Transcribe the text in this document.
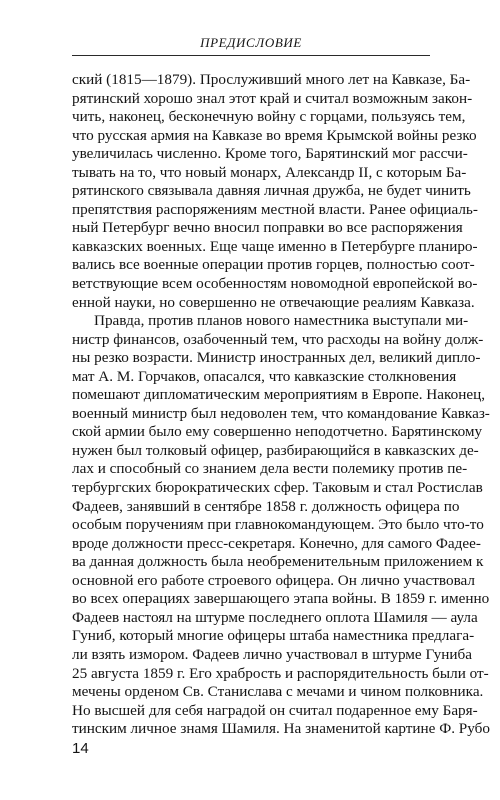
ПРЕДИСЛОВИЕ
ский (1815—1879). Прослуживший много лет на Кавказе, Ба-
рятинский хорошо знал этот край и считал возможным закон-
чить, наконец, бесконечную войну с горцами, пользуясь тем,
что русская армия на Кавказе во время Крымской войны резко
увеличилась численно. Кроме того, Барятинский мог рассчи-
тывать на то, что новый монарх, Александр II, с которым Ба-
рятинского связывала давняя личная дружба, не будет чинить
препятствия распоряжениям местной власти. Ранее официаль-
ный Петербург вечно вносил поправки во все распоряжения
кавказских военных. Еще чаще именно в Петербурге планиро-
вались все военные операции против горцев, полностью соот-
ветствующие всем особенностям новомодной европейской во-
енной науки, но совершенно не отвечающие реалиям Кавказа.
Правда, против планов нового наместника выступали ми-
нистр финансов, озабоченный тем, что расходы на войну долж-
ны резко возрасти. Министр иностранных дел, великий дипло-
мат А. М. Горчаков, опасался, что кавказские столкновения
помешают дипломатическим мероприятиям в Европе. Наконец,
военный министр был недоволен тем, что командование Кавказ-
ской армии было ему совершенно неподотчетно. Барятинскому
нужен был толковый офицер, разбирающийся в кавказских де-
лах и способный со знанием дела вести полемику против пе-
тербургских бюрократических сфер. Таковым и стал Ростислав
Фадеев, занявший в сентябре 1858 г. должность офицера по
особым поручениям при главнокомандующем. Это было что-то
вроде должности пресс-секретаря. Конечно, для самого Фадее-
ва данная должность была необременительным приложением к
основной его работе строевого офицера. Он лично участвовал
во всех операциях завершающего этапа войны. В 1859 г. именно
Фадеев настоял на штурме последнего оплота Шамиля — аула
Гуниб, который многие офицеры штаба наместника предлага-
ли взять измором. Фадеев лично участвовал в штурме Гуниба
25 августа 1859 г. Его храбрость и распорядительность были от-
мечены орденом Св. Станислава с мечами и чином полковника.
Но высшей для себя наградой он считал подаренное ему Баря-
тинским личное знамя Шамиля. На знаменитой картине Ф. Рубо
14
